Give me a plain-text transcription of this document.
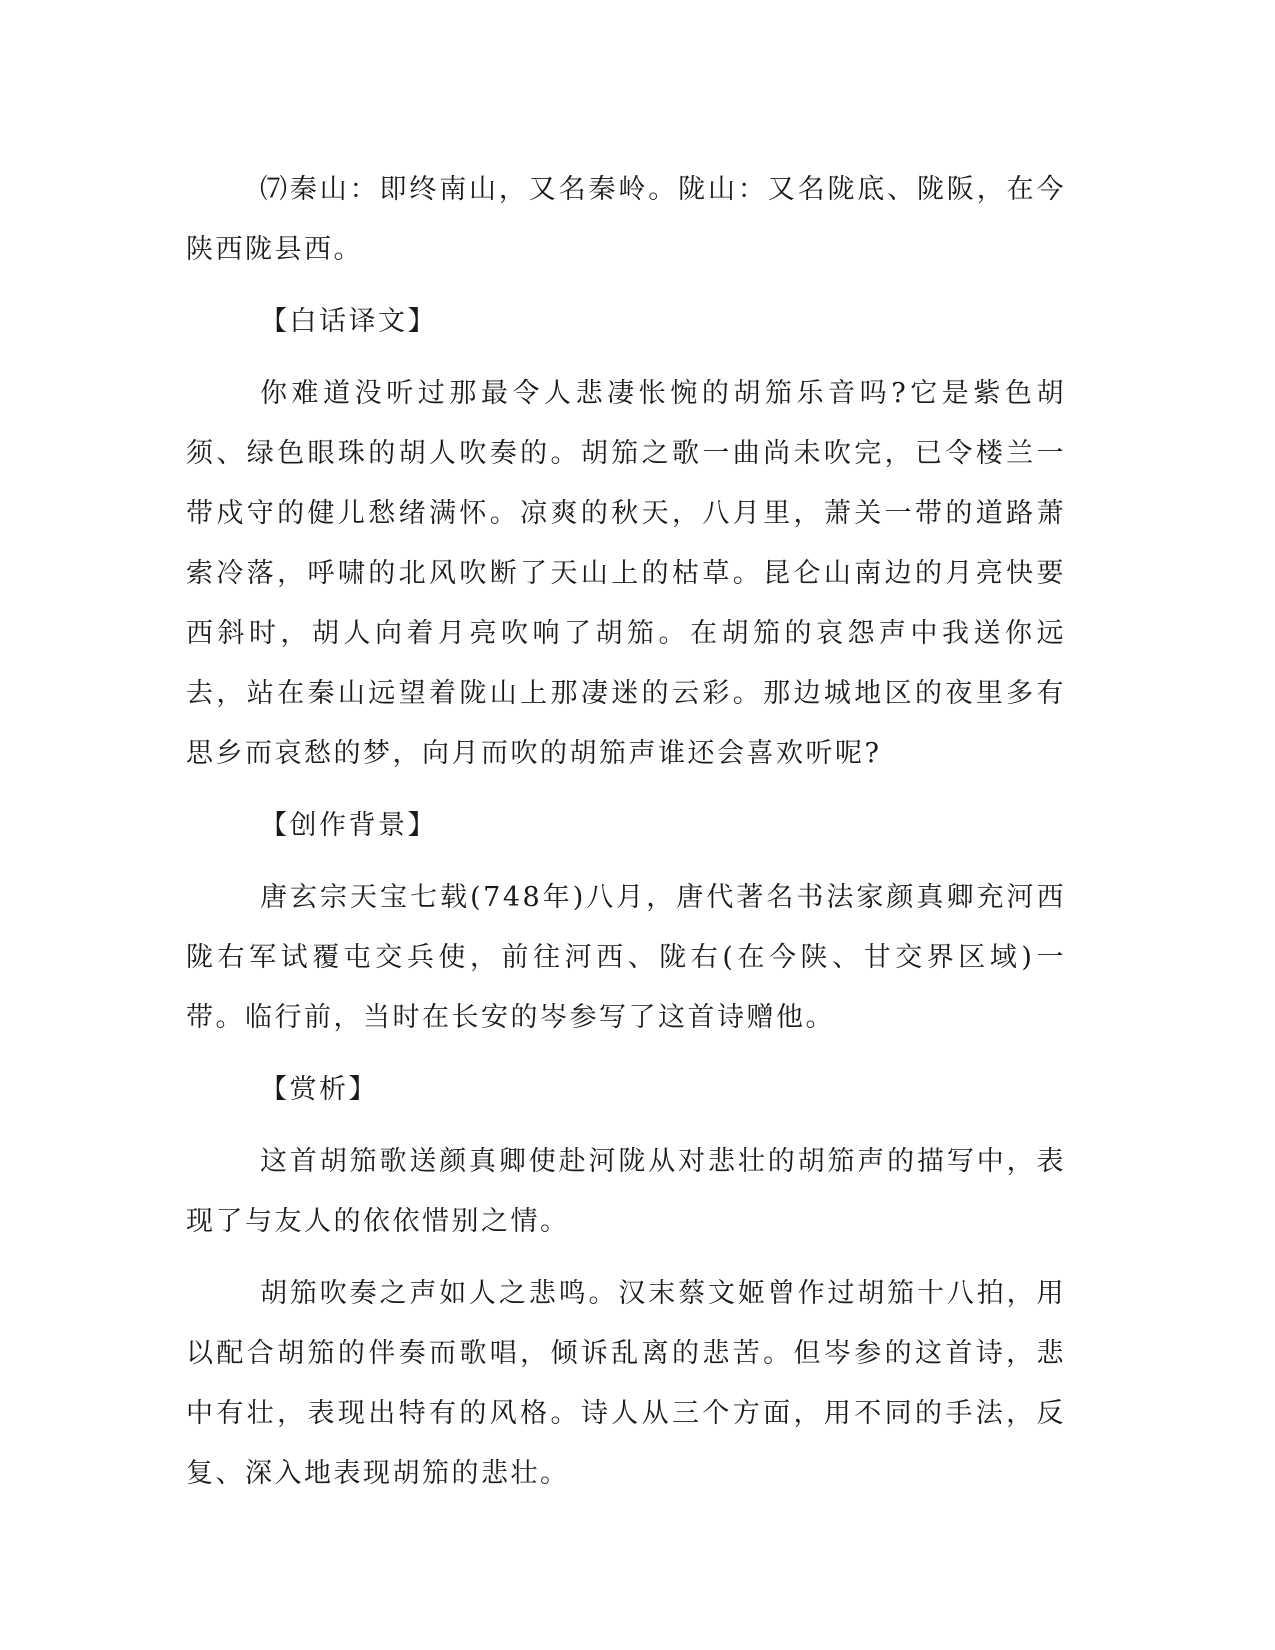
⑺秦山：即终南山，又名秦岭。陇山：又名陇底、陇阪，在今陕西陇县西。

【白话译文】

你难道没听过那最令人悲凄怅惋的胡笳乐音吗?它是紫色胡须、绿色眼珠的胡人吹奏的。胡笳之歌一曲尚未吹完，已令楼兰一带戍守的健儿愁绪满怀。凉爽的秋天，八月里，萧关一带的道路萧索冷落，呼啸的北风吹断了天山上的枯草。昆仑山南边的月亮快要西斜时，胡人向着月亮吹响了胡笳。在胡笳的哀怨声中我送你远去，站在秦山远望着陇山上那凄迷的云彩。那边城地区的夜里多有思乡而哀愁的梦，向月而吹的胡笳声谁还会喜欢听呢?

【创作背景】

唐玄宗天宝七载(748年)八月，唐代著名书法家颜真卿充河西陇右军试覆屯交兵使，前往河西、陇右(在今陕、甘交界区域)一带。临行前，当时在长安的岑参写了这首诗赠他。

【赏析】

这首胡笳歌送颜真卿使赴河陇从对悲壮的胡笳声的描写中，表现了与友人的依依惜别之情。

胡笳吹奏之声如人之悲鸣。汉末蔡文姬曾作过胡笳十八拍，用以配合胡笳的伴奏而歌唱，倾诉乱离的悲苦。但岑参的这首诗，悲中有壮，表现出特有的风格。诗人从三个方面，用不同的手法，反复、深入地表现胡笳的悲壮。
